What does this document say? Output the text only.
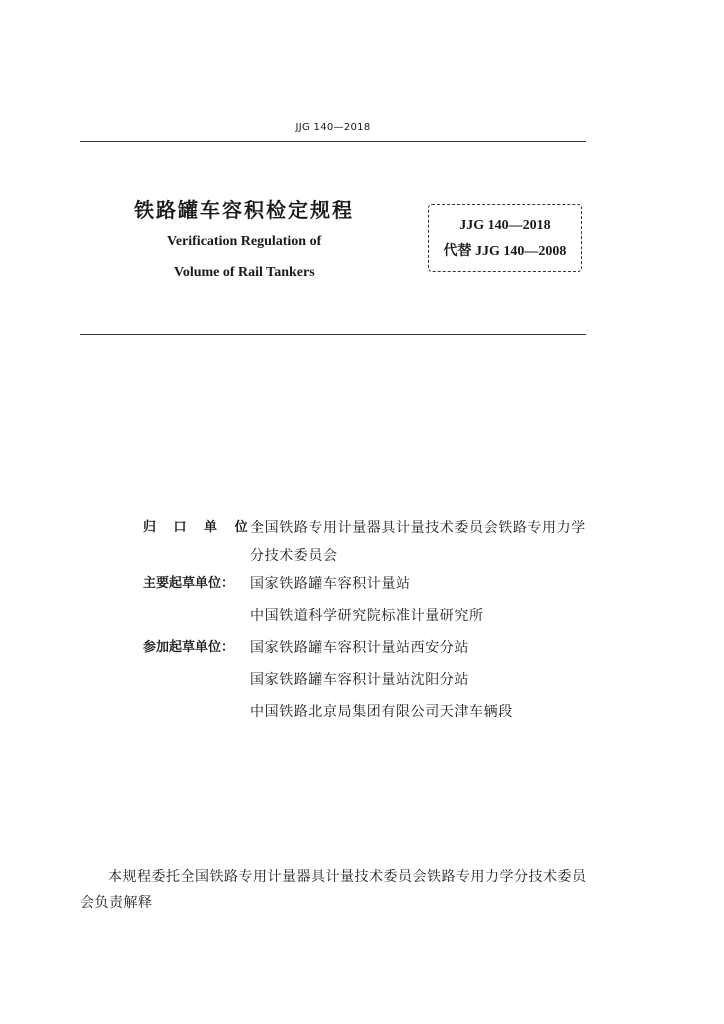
JJG 140—2018
铁路罐车容积检定规程
Verification Regulation of
Volume of Rail Tankers
JJG 140—2018
代替 JJG 140—2008
归 口 单 位：
全国铁路专用计量器具计量技术委员会铁路专用力学分技术委员会
主要起草单位：	国家铁路罐车容积计量站
中国铁道科学研究院标准计量研究所
参加起草单位：	国家铁路罐车容积计量站西安分站
国家铁路罐车容积计量站沈阳分站
中国铁路北京局集团有限公司天津车辆段
本规程委托全国铁路专用计量器具计量技术委员会铁路专用力学分技术委员会负责解释
